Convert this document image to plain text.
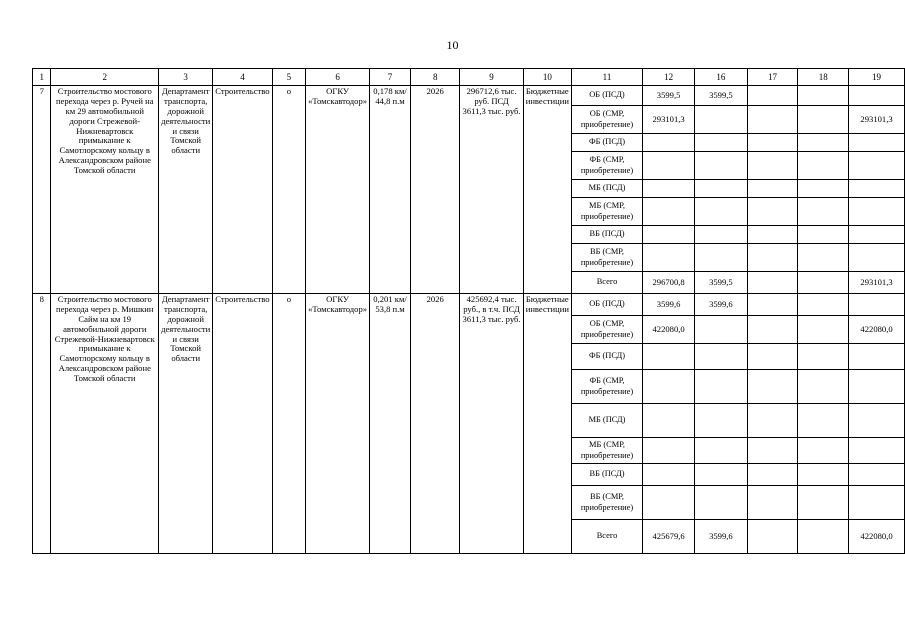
10
1	2	3	4	5	6	7	8	9	10	11	12	16	17	18	19
7	Строительство мостового перехода через р. Ручей на км 29 автомобильной дороги Стрежевой-Нижневартовск примыкание к Самотлорскому кольцу в Александровском районе Томской области	Департамент транспорта, дорожной деятельности и связи Томской области	Строительство	о	ОГКУ «Томскавтодор»	0,178 км/ 44,8 п.м	2026	296712,6 тыс. руб. ПСД 3611,3 тыс. руб.	Бюджетные инвестиции	ОБ (ПСД)	3599,5	3599,5			
										ОБ (СМР, приобретение)	293101,3				293101,3
										ФБ (ПСД)					
										ФБ (СМР, приобретение)					
										МБ (ПСД)					
										МБ (СМР, приобретение)					
										ВБ (ПСД)					
										ВБ (СМР, приобретение)					
										Всего	296700,8	3599,5			293101,3
8	Строительство мостового перехода через р. Мишкин Сайм на км 19 автомобильной дороги Стрежевой-Нижневартовск примыкание к Самотлорскому кольцу в Александровском районе Томской области	Департамент транспорта, дорожной деятельности и связи Томской области	Строительство	о	ОГКУ «Томскавтодор»	0,201 км/ 53,8 п.м	2026	425692,4 тыс. руб., в т.ч. ПСД 3611,3 тыс. руб.	Бюджетные инвестиции	ОБ (ПСД)	3599,6	3599,6			
										ОБ (СМР, приобретение)	422080,0				422080,0
										ФБ (ПСД)					
										ФБ (СМР, приобретение)					
										МБ (ПСД)					
										МБ (СМР, приобретение)					
										ВБ (ПСД)					
										ВБ (СМР, приобретение)					
										Всего	425679,6	3599,6			422080,0
